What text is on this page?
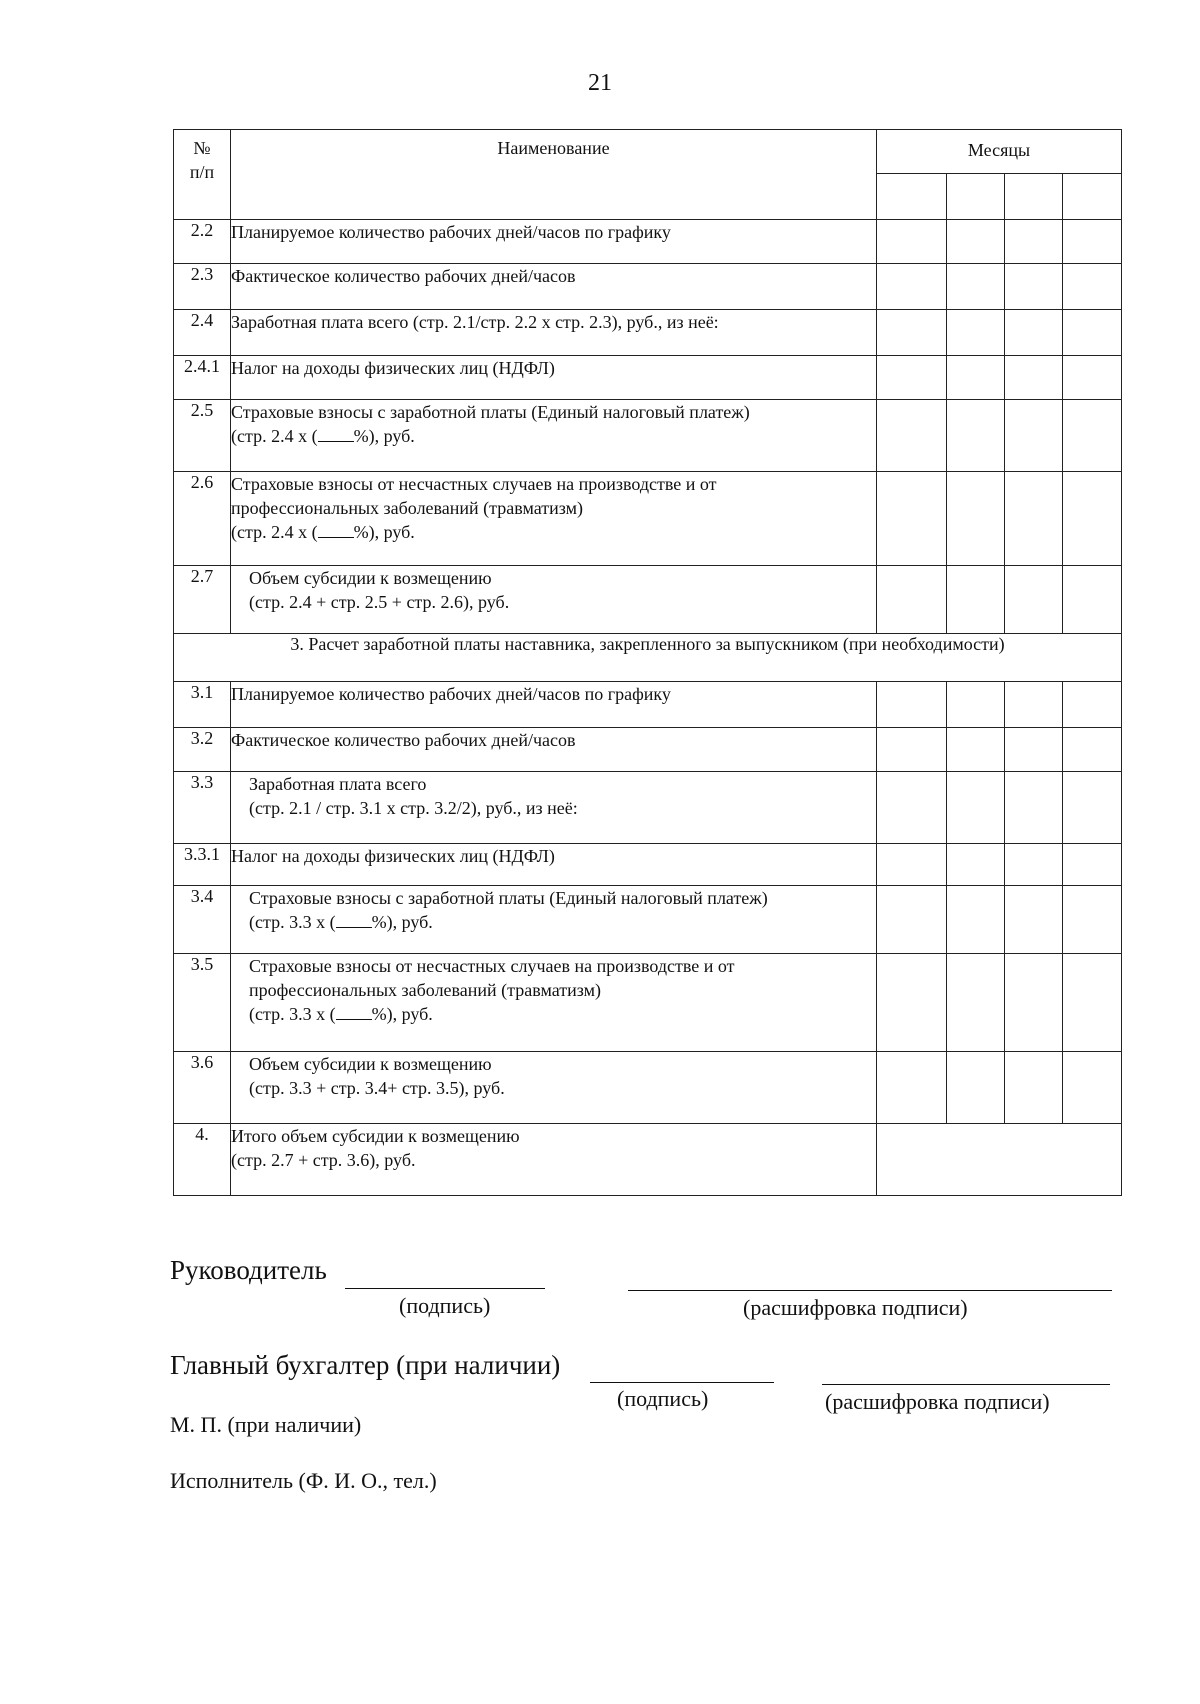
21
№
п/п	Наименование	Месяцы			

2.2	Планируемое количество рабочих дней/часов по графику				

2.3	Фактическое количество рабочих дней/часов				

2.4	Заработная плата всего (стр. 2.1/стр. 2.2 х стр. 2.3), руб., из неё:				

2.4.1	Налог на доходы физических лиц (НДФЛ)				

2.5	Страховые взносы с заработной платы (Единый налоговый платеж)
(стр. 2.4 х ( %), руб.				

2.6	Страховые взносы от несчастных случаев на производстве и от
профессиональных заболеваний (травматизм)
(стр. 2.4 х ( %), руб.				

2.7	Объем субсидии к возмещению
(стр. 2.4 + стр. 2.5 + стр. 2.6), руб.				

3. Расчет заработной платы наставника, закрепленного за выпускником (при необходимости)					
3.1	Планируемое количество рабочих дней/часов по графику				

3.2	Фактическое количество рабочих дней/часов				

3.3	Заработная плата всего
(стр. 2.1 / стр. 3.1 х стр. 3.2/2), руб., из неё:				

3.3.1	Налог на доходы физических лиц (НДФЛ)				

3.4	Страховые взносы с заработной платы (Единый налоговый платеж)
(стр. 3.3 х ( %), руб.				

3.5	Страховые взносы от несчастных случаев на производстве и от
профессиональных заболеваний (травматизм)
(стр. 3.3 х ( %), руб.				

3.6	Объем субсидии к возмещению
(стр. 3.3 + стр. 3.4+ стр. 3.5), руб.				

4.	Итого объем субсидии к возмещению
(стр. 2.7 + стр. 3.6), руб.				

Руководитель
(подпись)	(расшифровка подписи)
Главный бухгалтер (при наличии)
(подпись)	(расшифровка подписи)
М. П. (при наличии)
Исполнитель (Ф. И. О., тел.)
